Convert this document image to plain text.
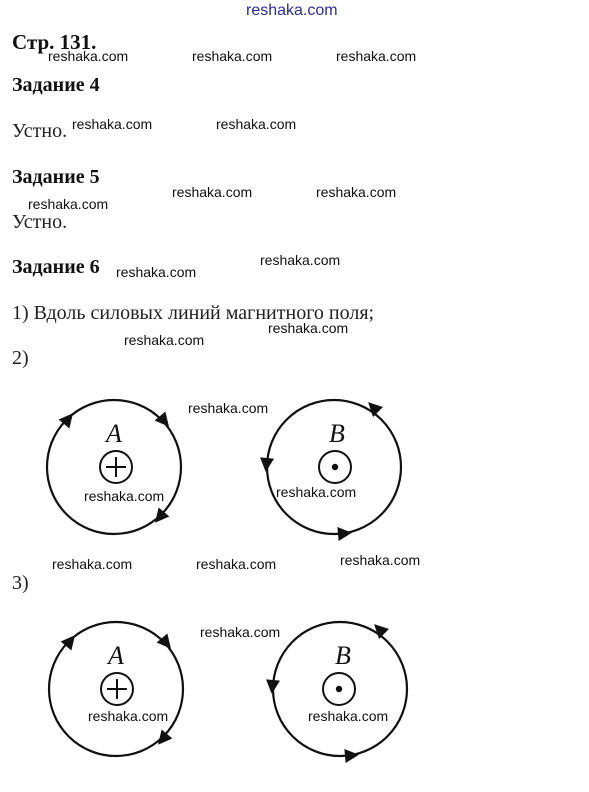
reshaka.com
Стр. 131.
Задание 4
Устно.
Задание 5
Устно.
Задание 6
1) Вдоль силовых линий магнитного поля;
2)
3)
A	B
A	B
reshaka.com	reshaka.com	reshaka.com
reshaka.com	reshaka.com
reshaka.com	reshaka.com
reshaka.com
reshaka.com
reshaka.com
reshaka.com
reshaka.com
reshaka.com
reshaka.com	reshaka.com
reshaka.com
reshaka.com	reshaka.com
reshaka.com
reshaka.com	reshaka.com
